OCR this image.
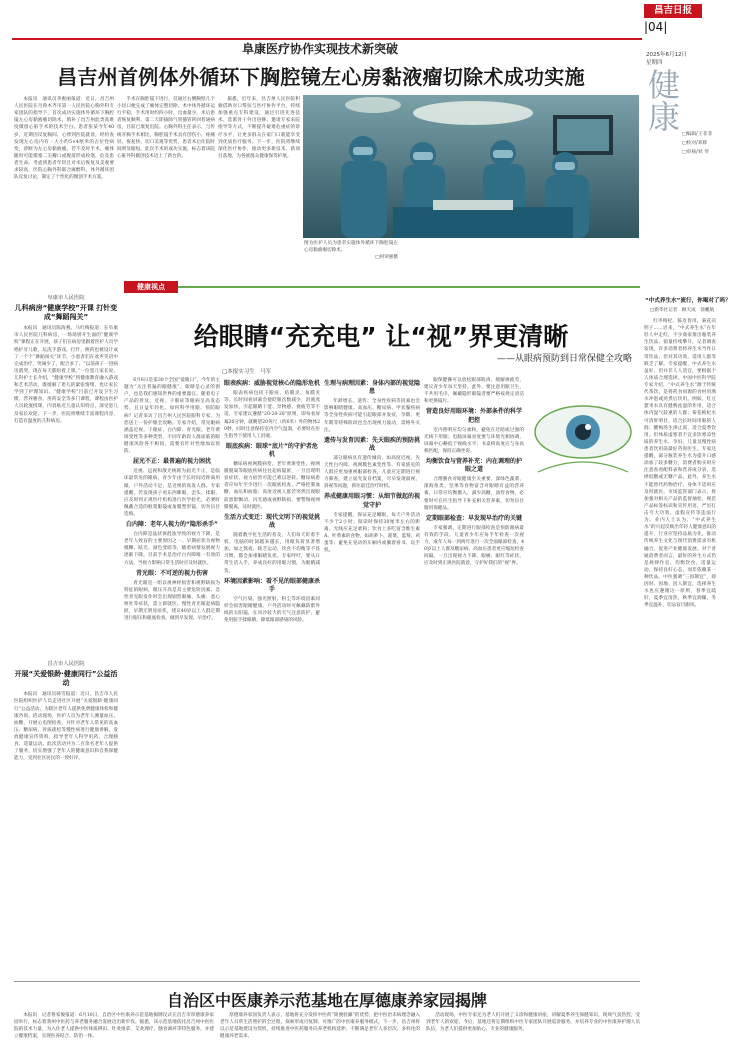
昌吉日报
|04|
阜康医疗协作实现技术新突破
昌吉州首例体外循环下胸腔镜左心房黏液瘤切除术成功实施

本报讯　通讯员李惠丽报道：近日，昌吉州人民医院在乌鲁木齐市第一人民医院心胸外科专家团队的指导下，首次成功实施体外循环下胸腔镜左心房黏液瘤切除术，填补了昌吉州此类高难度微创心脏手术的技术空白。患者张某今年40岁，近期因反复胸闷、心悸到医院就诊，经检查发现左心房内有一大小约5×4厘米的占位性病变，诊断为左心房黏液瘤。若不及时手术，瘤体随时可能堵塞二尖瓣口或脱落形成栓塞，危及患者生命。考虑到患者年轻且对术后恢复及美观要求较高，医院心胸外科联合麻醉科、体外循环团队反复讨论，制定了个性化的微创手术方案。

手术在胸腔镜下进行，仅通过右侧胸壁几个小切口便完成了瘤体完整切除。术中体外循环运行平稳，手术用时约四小时，出血量少。术后患者恢复顺利，第二天即拔除气管插管转回普通病房，目前已康复出院。心胸外科主任表示，与传统开胸手术相比，胸腔镜手术具有创伤小、疼痛轻、恢复快、切口美观等优势，患者术后住院时间明显缩短。此次手术的成功实施，标志着该院心脏外科微创技术迈上了新台阶。

据悉，近年来，昌吉州人民医院积极借助对口帮扶与医疗协作平台，持续加强重点专科建设，通过引进先进技术、选派骨干外出进修、邀请专家来院指导等方式，不断提升疑难危重症的诊疗水平，让更多群众在家门口就能享受到优质医疗服务。下一步，医院将继续深化医疗协作，推动更多新技术、新项目落地，为各族群众健康保驾护航。

图为医护人员为患者实施体外循环下胸腔镜左心房黏液瘤切除术。

□何荣惠摄
2025年6月12日
星期四
健康
□编辑/王菲菲
□校对/邓辉
□审核/刘 琴
“中式养生水”流行，你喝对了吗？
□新华社记者　顾天成　徐鹏航

红枣枸杞、陈皮普洱、菊花决明子……近来，“中式养生水”在年轻人中走红，不少商家推出瓶装养生饮品，销量持续攀升。记者调查发现，许多消费者将养生水当作日常饮品，但对其功效、适用人群等缺乏了解。专家提醒，中式养生水虽好，但并非人人适宜，要根据个人体质合理选择。中国中医科学院专家介绍，“中式养生水”源于传统代茶饮，是将药食同源的食材用沸水冲泡或煎煮后饮用。例如，红豆薏米水具有健脾祛湿的作用，适合体内湿气较重的人群；菊花枸杞水可清肝明目，适合长时间用眼的人群；酸梅汤生津止渴，适合夏季饮用。但体质虚寒者不宜多饮寒凉性质的养生水，孕妇、儿童及慢性病患者饮用前最好咨询医生。专家还提醒，部分瓶装养生水为提升口感添加了较多糖分，消费者购买时应注意查看配料表和营养成分表，选择低糖或无糖产品。此外，养生水不能替代药物治疗，身体不适时应及时就医。市场监管部门表示，将加强对相关产品的监督抽检，规范产品标签标识和宣传用语，严厉打击夸大功效、虚假宣传等违法行为。业内人士认为，“中式养生水”的兴起反映出年轻人健康意识的提升，行业应坚持品质为先，推动传统养生文化与现代消费需求有机融合，促进产业健康发展。对于普通消费者而言，最好的养生方式仍是规律作息、均衡饮食、适量运动、保持良好心态，而非依赖某一种饮品。中医强调“三因制宜”，即因时、因地、因人制宜，选择养生水也应遵循这一原则，春季宜疏肝，夏季宜清热，秋季宜润燥，冬季宜温补，切忌盲目跟风。

阜康市人民医院
儿科病房“健康学校”开课 打针变成“舞蹈闯关”

本报讯　通讯员陈海燕、马红梅报道：在阜康市人民医院儿科病房，一场场别开生面的“健康学校”课程正在开展，孩子们在病房里跟着医护人员学唱护牙儿歌、玩洗手游戏，打针、换药也被设计成了一个个“舞蹈闯关”环节，小患者们在欢声笑语中完成治疗，哭闹少了，配合多了。“以前孩子一进病房就哭，现在每天都盼着上课。”一位患儿家长说。儿科护士长介绍，“健康学校”将健康教育融入游戏和艺术活动，既缓解了患儿的紧张情绪，也让家长学到了护理知识。“健康学校”目前已开设卫生习惯、营养膳食、用药安全等多门课程，课程由医护人员轮流授课，内容贴近儿童认知特点，深受患儿及家长欢迎。下一步，医院将继续丰富课程内容，打造有温度的儿科病房。

昌吉市人民医院
开展“关爱银龄·健康同行”公益活动

本报讯　通讯员韩雪报道：近日，昌吉市人民医院组织医护人员走进社区开展“关爱银龄·健康同行”公益活动，为辖区老年人提供免费健康体检和健康咨询。活动现场，医护人员为老年人测量血压、血糖，开展心电图检查，并针对老年人常见的高血压、糖尿病、骨质疏松等慢性病进行健康讲解，发放健康宣传资料，指导老年人科学用药、合理膳食、适量运动。此次活动共为二百余名老年人提供了服务，切实增强了老年人的健康意识和自我保健能力，受到社区居民的一致好评。

健康视点
给眼睛“充充电” 让“视”界更清晰
——从眼病预防到日常保健全攻略
□本报实习生　马军

6月6日是第30个全国“爱眼日”，今年的主题为“关注普遍的眼健康”。眼睛是心灵的窗户，也是我们感知世界的重要器官。随着电子产品的普及，近视、干眼症等眼病呈高发态势，且日益年轻化。如何科学用眼、预防眼病？记者采访了昌吉州人民医院眼科专家，为您送上一份护眼全攻略。专家介绍，常见眼病涵盖近视、干眼症、白内障、青光眼、老年黄斑变性等多种类型，不同年龄段人群面临的眼健康风险各不相同，需要有针对性地加以预防。

屈光不正：最普遍的视力困扰

近视、远视和散光统称为屈光不正，是临床最常见的眼病。青少年由于长时间近距离用眼、户外活动不足，是近视的高发人群。专家提醒，若发现孩子看东西眯眼、歪头、揉眼，应及时到正规医疗机构进行医学验光，必要时佩戴合适的框架眼镜或角膜塑形镜，切勿盲目选购。

白内障：老年人视力的“隐形杀手”

白内障是晶状体混浊导致的视力下降，是老年人致盲的主要原因之一。早期症状为视物模糊、眩光、颜色变暗等，随着病情发展视力逐渐下降。目前手术是治疗白内障唯一有效的方法，当视力影响日常生活时应及时就医。

青光眼：不可逆的视力伤害

青光眼是一组以视神经损害和视野缺损为特征的眼病，眼压升高是其主要危险因素。急性青光眼发作时会出现剧烈眼痛、头痛、恶心呕吐等症状，需立即就医。慢性青光眼起病隐匿，早期无明显症状，建议40岁以上人群定期进行眼压和眼底检查，做到早发现、早治疗。

眼表疾病：威胁视觉核心的隐形危机

眼表疾病包括干眼症、结膜炎、角膜炎等。长时间看屏幕会使眨眼次数减少，泪液蒸发加快，引起眼睛干涩、异物感、视疲劳等不适。专家建议遵循“20-20-20”原则，即每看屏幕20分钟，就眺望20英尺（约6米）外的物体20秒，同时注意保持室内空气湿润，必要时在医生指导下使用人工泪液。

眼底疾病：眼球“底片”的守护者危机

糖尿病视网膜病变、老年黄斑变性、视网膜脱离等眼底疾病往往起病隐匿，一旦出现明显症状，视力损害可能已难以逆转。糖尿病患者应每年至少进行一次眼底检查，严格控制血糖、血压和血脂；高度近视人群若突然出现眼前黑影飘动、闪光感或视野缺损，要警惕视网膜脱离，及时就医。

生活方式变迁：现代文明下的视觉挑战

随着数字化生活的普及，人们每天盯着手机、电脑的时间越来越长，用眼负荷显著增加。加之熬夜、缺乏运动、饮食不均衡等不良习惯，都会加重眼睛负担。专家呼吁，要从日常生活入手，养成良好的用眼习惯，为眼睛减负。

环境因素影响：看不见的眼部健康杀手

空气污染、强光照射、粉尘等环境因素同样会损害眼睛健康。户外活动时可佩戴防紫外线的太阳镜，在风沙较大的天气注意防护，避免用脏手揉眼睛，降低眼部感染的风险。

生理与病理因素：身体内部的视觉隐患

年龄增长、遗传、全身性疾病等因素也会影响眼睛健康。高血压、糖尿病、甲状腺疾病等全身性疾病可能引起眼部并发症，孕期、更年期等特殊阶段也会出现视力波动，需格外关注。

遗传与发育因素：先天眼疾的预防挑战

部分眼病具有遗传倾向，如高度近视、先天性白内障、视网膜色素变性等。有家族史的人群应更加重视眼部检查，儿童应定期进行视力筛查，建立屈光发育档案，尽早发现弱视、斜视等问题，抓住最佳治疗时机。

养成健康用眼习惯：从细节做起的视觉守护

专家提醒，保证充足睡眠，每天户外活动不少于2小时；阅读时保持30厘米左右的距离，光线应充足柔和；饮食上多吃富含维生素A、叶黄素的食物，如胡萝卜、菠菜、蓝莓、鸡蛋等；避免在晃动的车厢内或躺着看书、玩手机。

眼保健操可以放松眼部肌肉、缓解视疲劳，建议青少年每天坚持。此外，要注意用眼卫生，不共用毛巾，佩戴隐形眼镜者要严格按规定清洁和更换镜片。

营造良好用眼环境：外部条件的科学把控

室内照明应均匀柔和，避免在过暗或过强的光线下用眼；电脑屏幕亮度要与环境光相协调，屏幕中心略低于视线水平；书桌椅高度应与身高相匹配，保持正确坐姿。

均衡饮食与营养补充：内在调理的护眼之道

合理膳食对眼健康至关重要。深绿色蔬菜、深海鱼类、坚果等食物富含对眼睛有益的营养素，日常应均衡摄入，减少高糖、油炸食物。必要时可在医生指导下补充相关营养素，切勿盲目服用保健品。

定期眼部检查：早发现早治疗的关键

专家强调，定期进行眼部检查是预防眼病最有效的手段。儿童青少年应每半年检查一次视力，成年人每一到两年进行一次全面眼部检查，40岁以上人群及糖尿病、高血压患者更应缩短检查间隔。一旦出现视力下降、眼痛、眼红等症状，应及时到正规医院就诊，守护好我们的“视”界。

自治区中医康养示范基地在厚德康养家园揭牌

本报讯　记者鲁家俊报道：6月10日，自治区中医康养示范基地揭牌仪式在昌吉市厚德康养家园举行，标志着我州中医药与养老服务融合发展迈出新步伐。据悉，该示范基地依托昌吉州中医医院的技术力量，为入住老人提供中医体质辨识、针灸推拿、艾灸理疗、膳食调养等特色服务，并建立健康档案，实现医养结合、防治一体。

厚德康养家园负责人表示，基地将充分发挥中医药“简便验廉”的优势，把中医治未病理念融入老年人日常生活照护的全过程，探索形成可复制、可推广的中医康养服务模式。下一步，昌吉州将以示范基地建设为契机，持续推进中医药服务向养老机构延伸，不断满足老年人多层次、多样化的健康养老需求。

活动现场，中医专家还为老人们开展了义诊和健康讲座，讲解夏季养生保健知识，现场气氛热烈，受到老年人的欢迎。今后，基地还将定期组织中医专家团队开展巡诊服务，并培养专业的中医康养护理人员队伍，为老人们提供更加贴心、专业的健康服务。
